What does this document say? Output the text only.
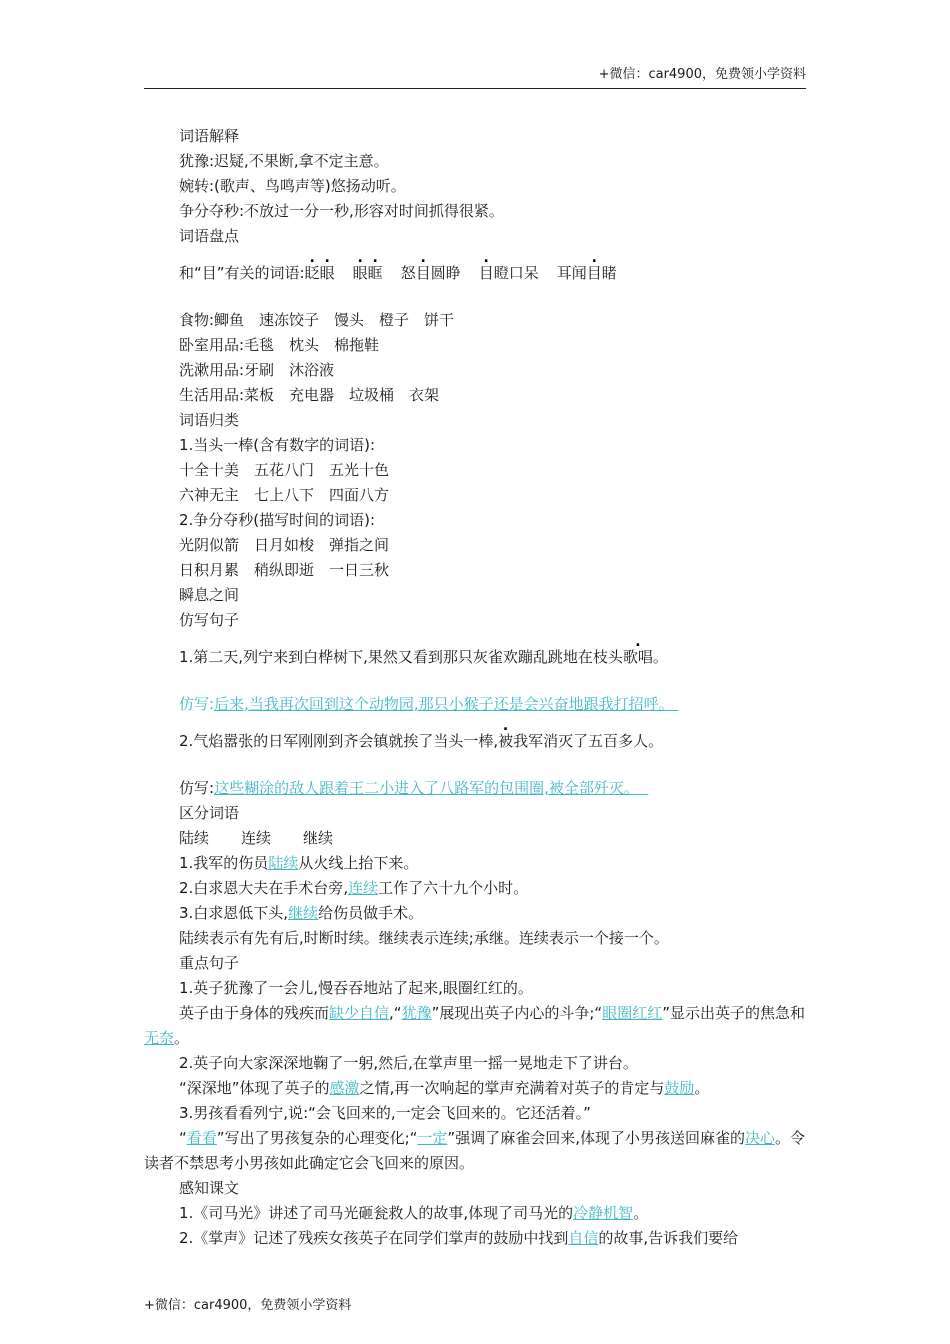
+微信：car4900，免费领小学资料
词语解释
犹豫:迟疑,不果断,拿不定主意。
婉转:(歌声、鸟鸣声等)悠扬动听。
争分夺秒:不放过一分一秒,形容对时间抓得很紧。
词语盘点
和“目”有关的词语:眨眼 眼眶 怒目圆睁 目瞪口呆 耳闻目睹
食物:鲫鱼　速冻饺子　馒头　橙子　饼干
卧室用品:毛毯　枕头　棉拖鞋
洗漱用品:牙刷　沐浴液
生活用品:菜板　充电器　垃圾桶　衣架
词语归类
1.当头一棒(含有数字的词语):
十全十美　五花八门　五光十色
六神无主　七上八下　四面八方
2.争分夺秒(描写时间的词语):
光阴似箭　日月如梭　弹指之间
日积月累　稍纵即逝　一日三秋
瞬息之间
仿写句子
1.第二天,列宁来到白桦树下,果然又看到那只灰雀欢蹦乱跳地在枝头歌唱。
仿写:后来,当我再次回到这个动物园,那只小猴子还是会兴奋地跟我打招呼。
2.气焰嚣张的日军刚刚到齐会镇就挨了当头一棒,被我军消灭了五百多人。
仿写:这些糊涂的敌人跟着王二小进入了八路军的包围圈,被全部歼灭。
区分词语
陆续 连续 继续
1.我军的伤员陆续从火线上抬下来。
2.白求恩大夫在手术台旁,连续工作了六十九个小时。
3.白求恩低下头,继续给伤员做手术。
陆续表示有先有后,时断时续。继续表示连续;承继。连续表示一个接一个。
重点句子
1.英子犹豫了一会儿,慢吞吞地站了起来,眼圈红红的。
英子由于身体的残疾而缺少自信,“犹豫”展现出英子内心的斗争;“眼圈红红”显示出英子的焦急和无奈。
2.英子向大家深深地鞠了一躬,然后,在掌声里一摇一晃地走下了讲台。
“深深地”体现了英子的感激之情,再一次响起的掌声充满着对英子的肯定与鼓励。
3.男孩看看列宁,说:“会飞回来的,一定会飞回来的。它还活着。”
“看看”写出了男孩复杂的心理变化;“一定”强调了麻雀会回来,体现了小男孩送回麻雀的决心。令读者不禁思考小男孩如此确定它会飞回来的原因。
感知课文
1.《司马光》讲述了司马光砸瓮救人的故事,体现了司马光的冷静机智。
2.《掌声》记述了残疾女孩英子在同学们掌声的鼓励中找到自信的故事,告诉我们要给
+微信：car4900，免费领小学资料
